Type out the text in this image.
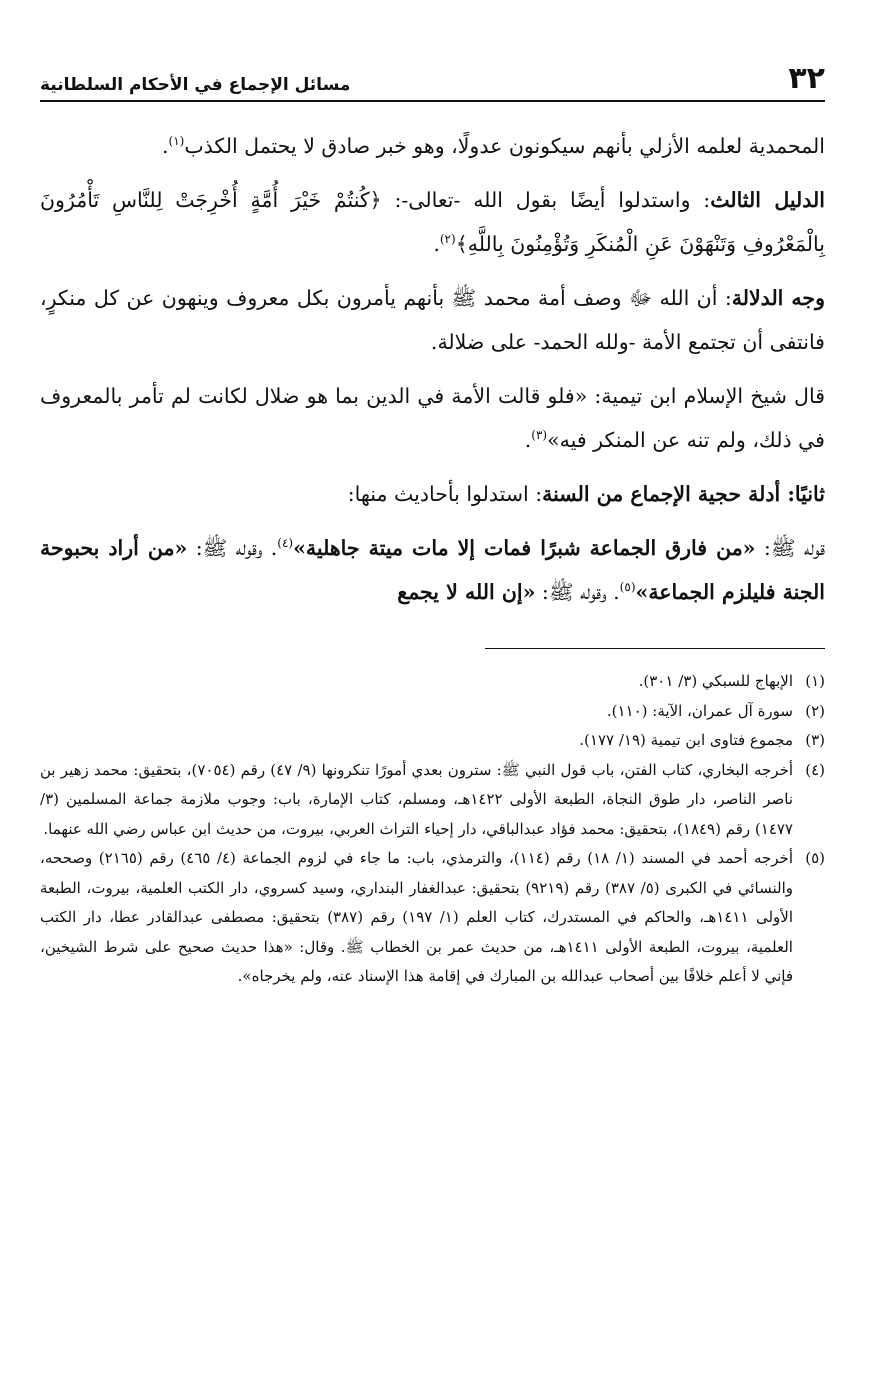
٣٢
مسائل الإجماع في الأحكام السلطانية

المحمدية لعلمه الأزلي بأنهم سيكونون عدولًا، وهو خبر صادق لا يحتمل الكذب$^{(١)}$.

الدليل الثالث: واستدلوا أيضًا بقول الله -تعالى-: ﴿كُنتُمْ خَيْرَ أُمَّةٍ أُخْرِجَتْ لِلنَّاسِ تَأْمُرُونَ بِالْمَعْرُوفِ وَتَنْهَوْنَ عَنِ الْمُنكَرِ وَتُؤْمِنُونَ بِاللَّهِ﴾$^{(٢)}$.

وجه الدلالة: أن الله ﷻ وصف أمة محمد ﷺ بأنهم يأمرون بكل معروف وينهون عن كل منكرٍ، فانتفى أن تجتمع الأمة -ولله الحمد- على ضلالة.

قال شيخ الإسلام ابن تيمية: «فلو قالت الأمة في الدين بما هو ضلال لكانت لم تأمر بالمعروف في ذلك، ولم تنه عن المنكر فيه»$^{(٣)}$.

ثانيًا: أدلة حجية الإجماع من السنة: استدلوا بأحاديث منها:

قوله ﷺ: «من فارق الجماعة شبرًا فمات إلا مات ميتة جاهلية»$^{(٤)}$. وقوله ﷺ: «من أراد بحبوحة الجنة فليلزم الجماعة»$^{(٥)}$. وقوله ﷺ: «إن الله لا يجمع

(١)
الإبهاج للسبكي (٣/ ٣٠١).
(٢)
سورة آل عمران، الآية: (١١٠).
(٣)
مجموع فتاوى ابن تيمية (١٩/ ١٧٧).
(٤)
أخرجه البخاري، كتاب الفتن، باب قول النبي ﷺ: سترون بعدي أمورًا تنكرونها (٩/ ٤٧) رقم (٧٠٥٤)، بتحقيق: محمد زهير بن ناصر الناصر، دار طوق النجاة، الطبعة الأولى ١٤٢٢هـ، ومسلم، كتاب الإمارة، باب: وجوب ملازمة جماعة المسلمين (٣/ ١٤٧٧) رقم (١٨٤٩)، بتحقيق: محمد فؤاد عبدالباقي، دار إحياء التراث العربي، بيروت، من حديث ابن عباس رضي الله عنهما.
(٥)
أخرجه أحمد في المسند (١/ ١٨) رقم (١١٤)، والترمذي، باب: ما جاء في لزوم الجماعة (٤/ ٤٦٥) رقم (٢١٦٥) وصححه، والنسائي في الكبرى (٥/ ٣٨٧) رقم (٩٢١٩) بتحقيق: عبدالغفار البنداري، وسيد كسروي، دار الكتب العلمية، بيروت، الطبعة الأولى ١٤١١هـ، والحاكم في المستدرك، كتاب العلم (١/ ١٩٧) رقم (٣٨٧) بتحقيق: مصطفى عبدالقادر عطا، دار الكتب العلمية، بيروت، الطبعة الأولى ١٤١١هـ، من حديث عمر بن الخطاب ﷺ. وقال: «هذا حديث صحيح على شرط الشيخين، فإني لا أعلم خلافًا بين أصحاب عبدالله بن المبارك في إقامة هذا الإسناد عنه، ولم يخرجاه».
